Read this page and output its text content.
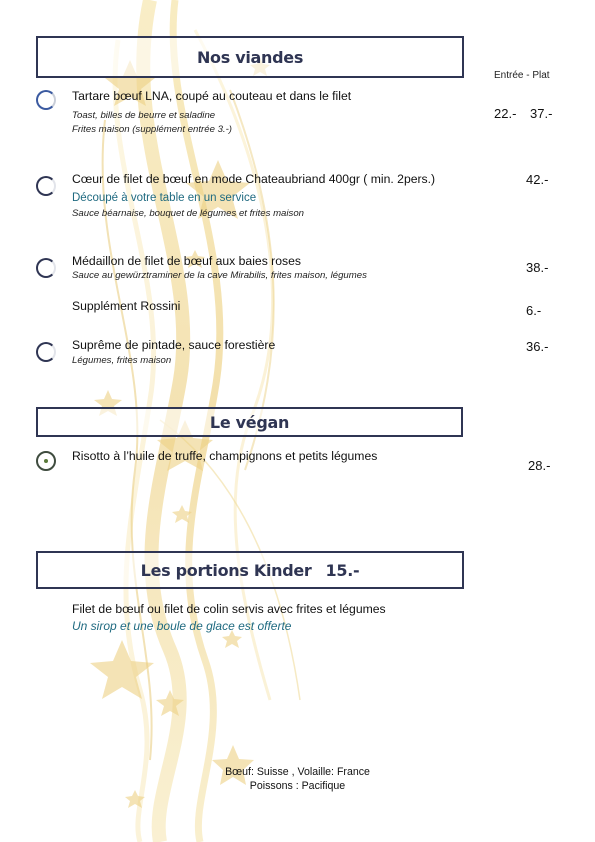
Nos viandes
Entrée - Plat
Tartare bœuf LNA, coupé au couteau et dans le filet
Toast, billes de beurre et saladine
Frites maison (supplément entrée 3.-)
22.- 37.-
Cœur de filet de bœuf en mode Chateaubriand 400gr ( min. 2pers.)
Découpé à votre table en un service
Sauce béarnaise, bouquet de légumes et frites maison
42.-
Médaillon de filet de bœuf aux baies roses
Sauce au gewürztraminer de la cave Mirabilis, frites maison, légumes
38.-
Supplément Rossini	6.-
Suprême de pintade, sauce forestière
Légumes, frites maison
36.-
Le végan
Risotto à l’huile de truffe, champignons et petits légumes
28.-
Les portions Kinder 15.-
Filet de bœuf ou filet de colin servis avec frites et légumes
Un sirop et une boule de glace est offerte
Bœuf: Suisse , Volaille: France
Poissons : Pacifique
